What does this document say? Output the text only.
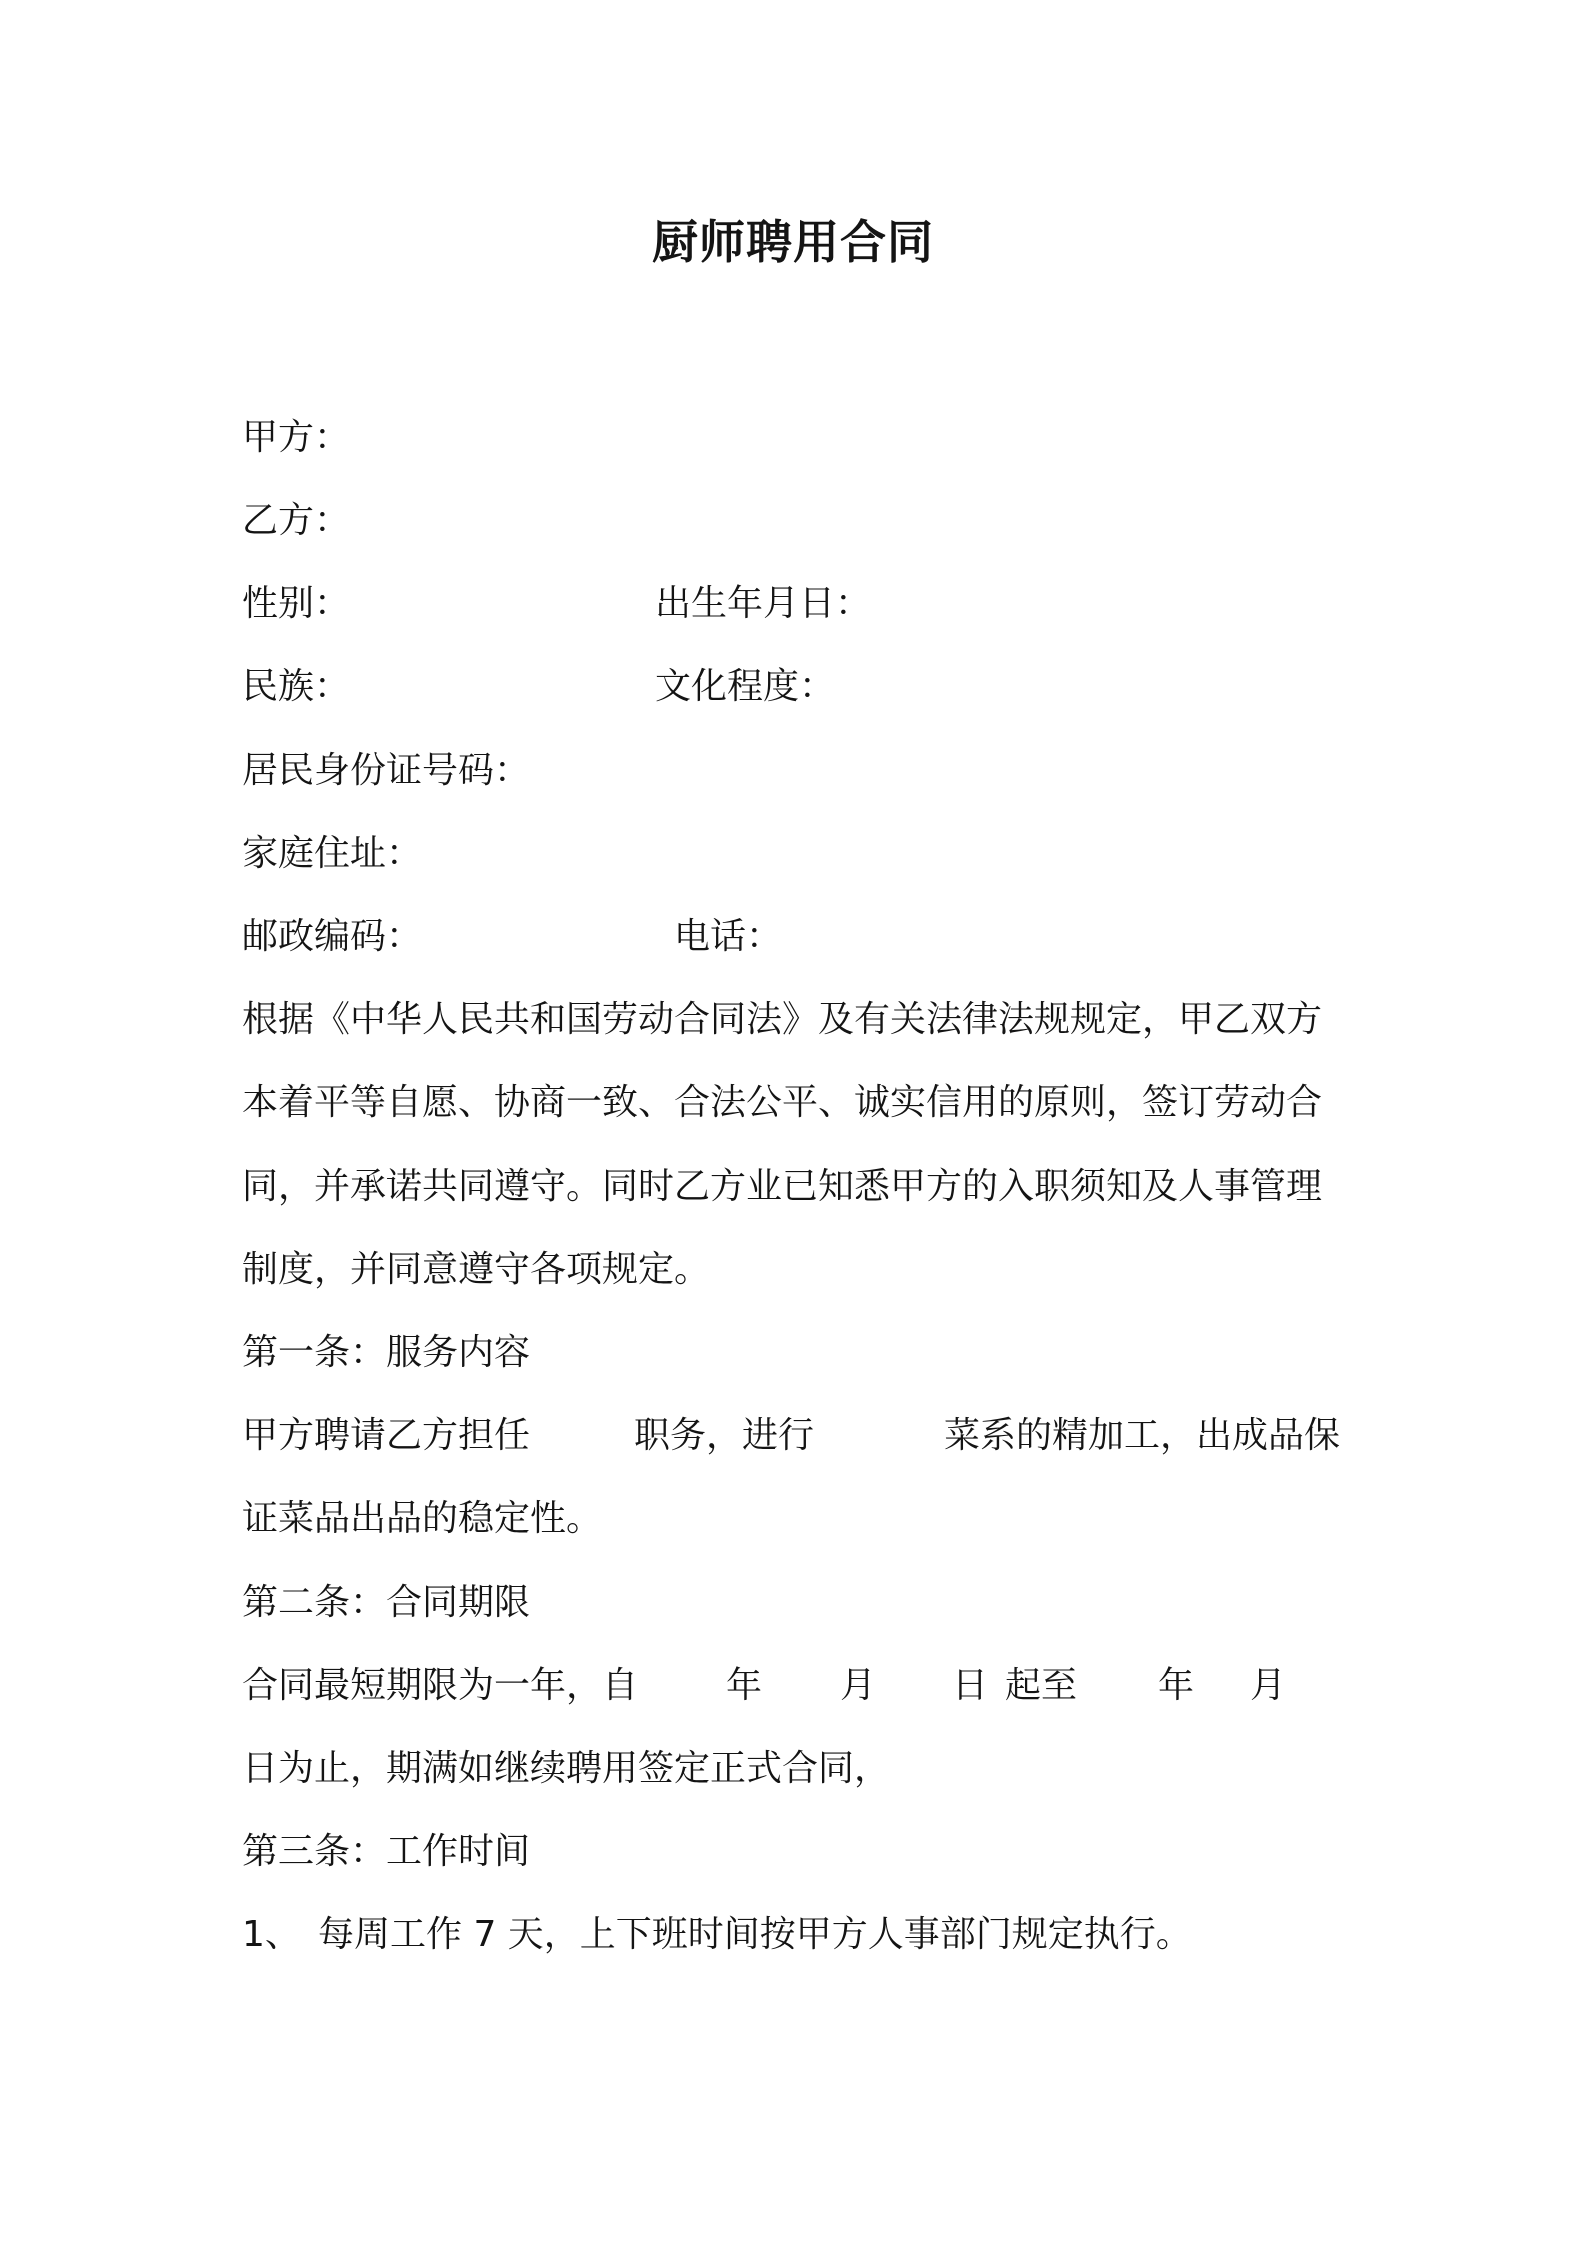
厨师聘用合同
甲方：
乙方：
性别：	出生年月日：
民族：	文化程度：
居民身份证号码：
家庭住址：
邮政编码：	电话：
根据《中华人民共和国劳动合同法》及有关法律法规规定，甲乙双方
本着平等自愿、协商一致、合法公平、诚实信用的原则，签订劳动合
同，并承诺共同遵守。同时乙方业已知悉甲方的入职须知及人事管理
制度，并同意遵守各项规定。
第一条：服务内容
甲方聘请乙方担任	职务，进行	菜系的精加工，出成品保
证菜品出品的稳定性。
第二条：合同期限
合同最短期限为一年，自 年 月 日 起至 年 月
日为止，期满如继续聘用签定正式合同，
第三条：工作时间
1、 每周工作 7 天，上下班时间按甲方人事部门规定执行。
